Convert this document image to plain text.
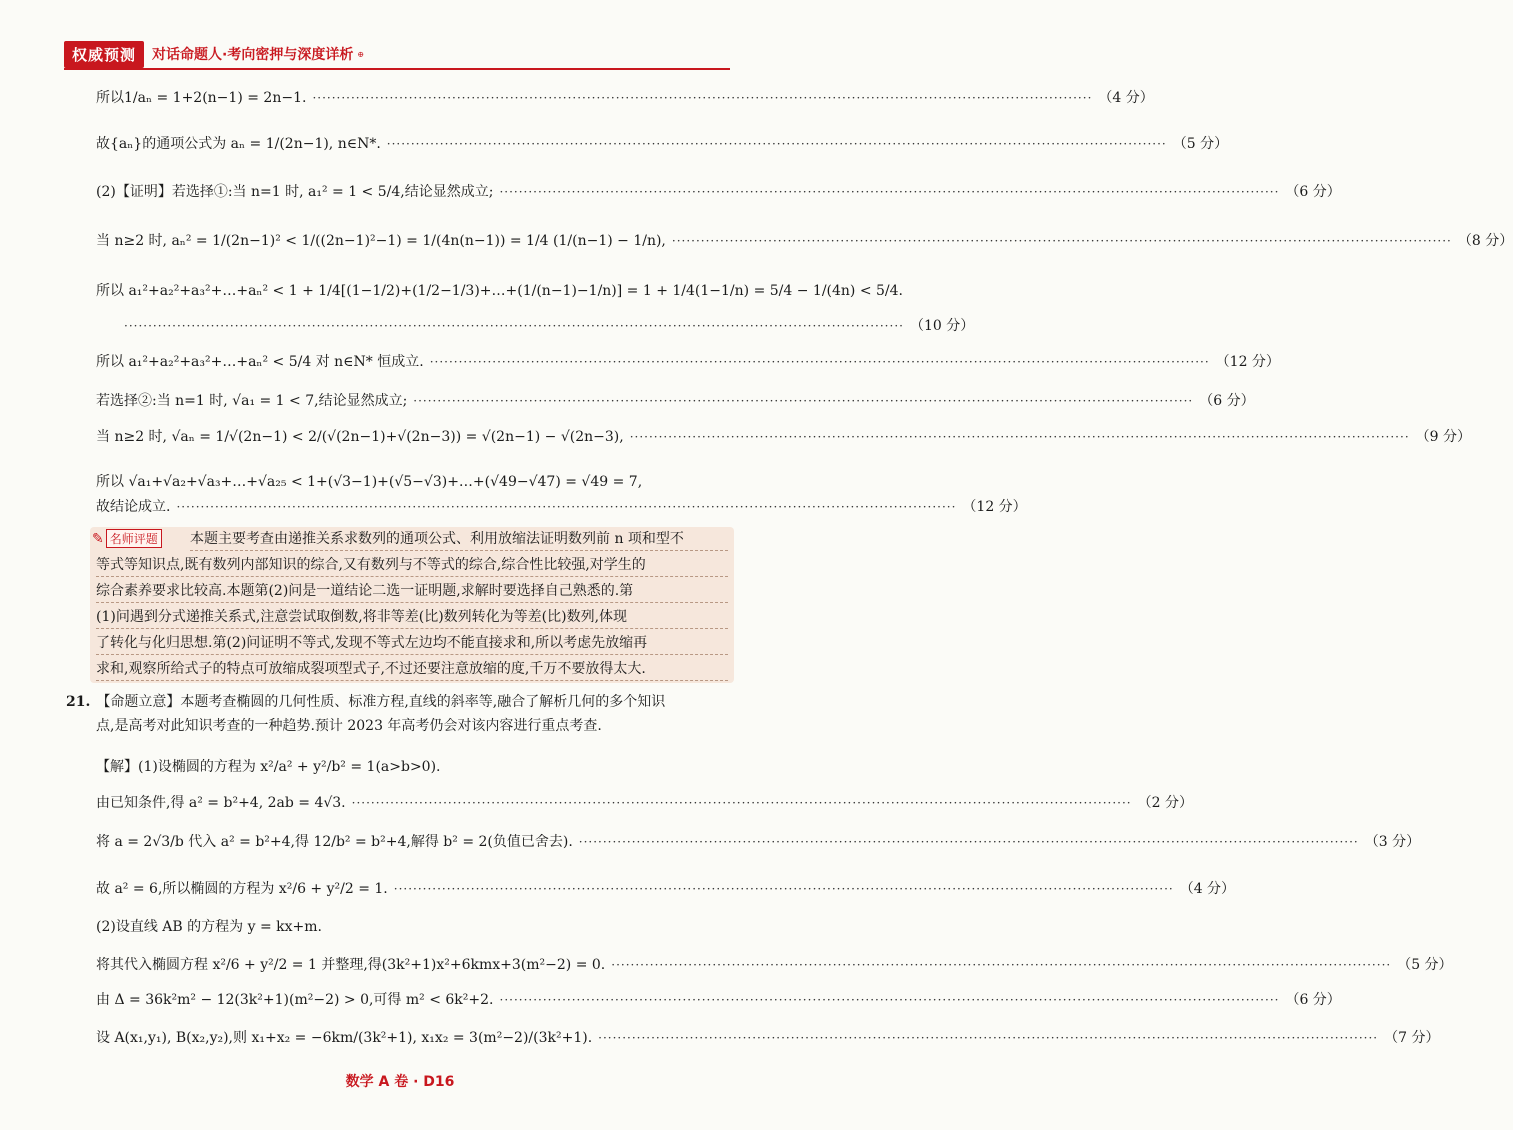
权威预测	对话命题人·考向密押与深度详析 ⊕
所以1/aₙ = 1+2(n−1) = 2n−1. ·····	（4 分）
故{aₙ}的通项公式为 aₙ = 1/(2n−1), n∈N*. ·····	（5 分）
(2)【证明】若选择①:当 n=1 时, a₁² = 1 < 5/4,结论显然成立; ·····	（6 分）
当 n≥2 时, aₙ² = 1/(2n−1)² < 1/((2n−1)²−1) = 1/(4n(n−1)) = 1/4 (1/(n−1) − 1/n), ·····	（8 分）
所以 a₁²+a₂²+a₃²+…+aₙ² < 1 + 1/4[(1−1/2)+(1/2−1/3)+…+(1/(n−1)−1/n)] = 1 + 1/4(1−1/n) = 5/4 − 1/(4n) < 5/4.
·····
（10 分）
所以 a₁²+a₂²+a₃²+…+aₙ² < 5/4 对 n∈N* 恒成立. ·····	（12 分）
若选择②:当 n=1 时, √a₁ = 1 < 7,结论显然成立; ·····	（6 分）
当 n≥2 时, √aₙ = 1/√(2n−1) < 2/(√(2n−1)+√(2n−3)) = √(2n−1) − √(2n−3), ·····	（9 分）
所以 √a₁+√a₂+√a₃+…+√a₂₅ < 1+(√3−1)+(√5−√3)+…+(√49−√47) = √49 = 7,
故结论成立. ·····	（12 分）
✎ 名师评题 本题主要考查由递推关系求数列的通项公式、利用放缩法证明数列前 n 项和型不
等式等知识点,既有数列内部知识的综合,又有数列与不等式的综合,综合性比较强,对学生的
综合素养要求比较高.本题第(2)问是一道结论二选一证明题,求解时要选择自己熟悉的.第
(1)问遇到分式递推关系式,注意尝试取倒数,将非等差(比)数列转化为等差(比)数列,体现
了转化与化归思想.第(2)问证明不等式,发现不等式左边均不能直接求和,所以考虑先放缩再
求和,观察所给式子的特点可放缩成裂项型式子,不过还要注意放缩的度,千万不要放得太大.
21. 【命题立意】本题考查椭圆的几何性质、标准方程,直线的斜率等,融合了解析几何的多个知识
点,是高考对此知识考查的一种趋势.预计 2023 年高考仍会对该内容进行重点考查.
【解】(1)设椭圆的方程为 x²/a² + y²/b² = 1(a>b>0).
由已知条件,得 a² = b²+4, 2ab = 4√3. ·····	（2 分）
将 a = 2√3/b 代入 a² = b²+4,得 12/b² = b²+4,解得 b² = 2(负值已舍去). ·····	（3 分）
故 a² = 6,所以椭圆的方程为 x²/6 + y²/2 = 1. ·····	（4 分）
(2)设直线 AB 的方程为 y = kx+m.
将其代入椭圆方程 x²/6 + y²/2 = 1 并整理,得(3k²+1)x²+6kmx+3(m²−2) = 0. ·····	（5 分）
由 Δ = 36k²m² − 12(3k²+1)(m²−2) > 0,可得 m² < 6k²+2. ·····	（6 分）
设 A(x₁,y₁), B(x₂,y₂),则 x₁+x₂ = −6km/(3k²+1), x₁x₂ = 3(m²−2)/(3k²+1). ·····	（7 分）
数学 A 卷 · D16
